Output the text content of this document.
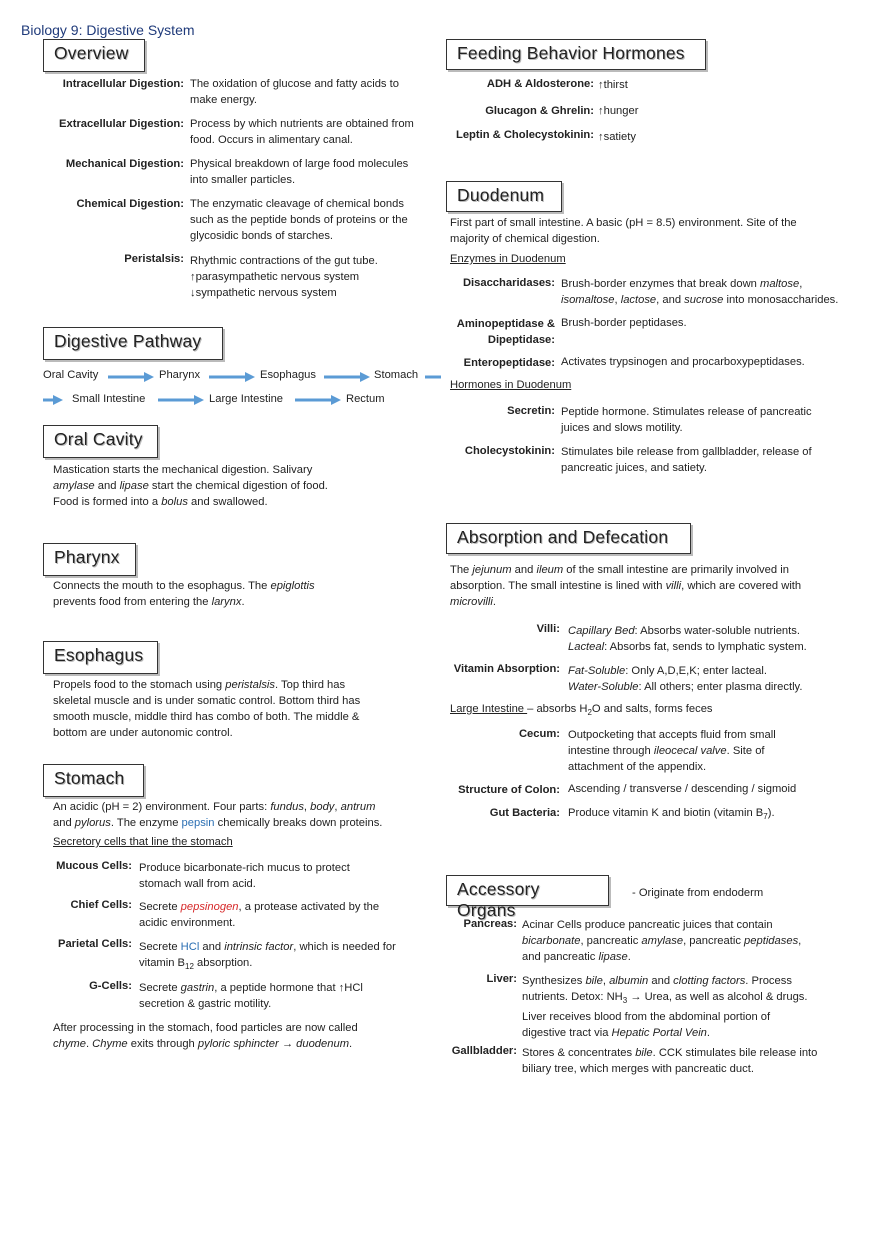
Biology 9: Digestive System
Overview
Intracellular Digestion: The oxidation of glucose and fatty acids to
make energy.
Extracellular Digestion: Process by which nutrients are obtained from
food. Occurs in alimentary canal.
Mechanical Digestion: Physical breakdown of large food molecules
into smaller particles.
Chemical Digestion: The enzymatic cleavage of chemical bonds
such as the peptide bonds of proteins or the
glycosidic bonds of starches.
Peristalsis: Rhythmic contractions of the gut tube.
↑parasympathetic nervous system
↓sympathetic nervous system
Digestive Pathway
Oral Cavity	Pharynx	Esophagus	Stomach
Small Intestine	Large Intestine	Rectum
Oral Cavity
Mastication starts the mechanical digestion. Salivary
amylase and lipase start the chemical digestion of food.
Food is formed into a bolus and swallowed.
Pharynx
Connects the mouth to the esophagus. The epiglottis
prevents food from entering the larynx.
Esophagus
Propels food to the stomach using peristalsis. Top third has
skeletal muscle and is under somatic control. Bottom third has
smooth muscle, middle third has combo of both. The middle &
bottom are under autonomic control.
Stomach
An acidic (pH = 2) environment. Four parts: fundus, body, antrum
and pylorus. The enzyme pepsin chemically breaks down proteins.
Secretory cells that line the stomach
Mucous Cells: Produce bicarbonate-rich mucus to protect
stomach wall from acid.
Chief Cells: Secrete pepsinogen, a protease activated by the
acidic environment.
Parietal Cells: Secrete HCl and intrinsic factor, which is needed for
vitamin $B_{12}$ absorption.
G-Cells: Secrete gastrin, a peptide hormone that ↑HCl
secretion & gastric motility.
After processing in the stomach, food particles are now called
chyme. Chyme exits through pyloric sphincter → duodenum.
Feeding Behavior Hormones
ADH & Aldosterone: ↑thirst
Glucagon & Ghrelin: ↑hunger
Leptin & Cholecystokinin: ↑satiety
Duodenum
First part of small intestine. A basic (pH = 8.5) environment. Site of the
majority of chemical digestion.
Enzymes in Duodenum
Disaccharidases: Brush-border enzymes that break down maltose,
isomaltose, lactose, and sucrose into monosaccharides.
Aminopeptidase &
Dipeptidase:
Brush-border peptidases.
Enteropeptidase: Activates trypsinogen and procarboxypeptidases.
Hormones in Duodenum
Secretin: Peptide hormone. Stimulates release of pancreatic
juices and slows motility.
Cholecystokinin: Stimulates bile release from gallbladder, release of
pancreatic juices, and satiety.
Absorption and Defecation
The jejunum and ileum of the small intestine are primarily involved in
absorption. The small intestine is lined with villi, which are covered with
microvilli.
Villi: Capillary Bed: Absorbs water-soluble nutrients.
Lacteal: Absorbs fat, sends to lymphatic system.
Vitamin Absorption: Fat-Soluble: Only A,D,E,K; enter lacteal.
Water-Soluble: All others; enter plasma directly.
Large Intestine – absorbs $H_2O$ and salts, forms feces
Cecum: Outpocketing that accepts fluid from small
intestine through ileocecal valve. Site of
attachment of the appendix.
Structure of Colon: Ascending / transverse / descending / sigmoid
Gut Bacteria: Produce vitamin K and biotin (vitamin $B_7$).
Accessory Organs
- Originate from endoderm
Pancreas: Acinar Cells produce pancreatic juices that contain
bicarbonate, pancreatic amylase, pancreatic peptidases,
and pancreatic lipase.
Liver: Synthesizes bile, albumin and clotting factors. Process
nutrients. Detox: $NH_3$ → Urea, as well as alcohol & drugs.
Liver receives blood from the abdominal portion of
digestive tract via Hepatic Portal Vein.
Gallbladder: Stores & concentrates bile. CCK stimulates bile release into
biliary tree, which merges with pancreatic duct.
